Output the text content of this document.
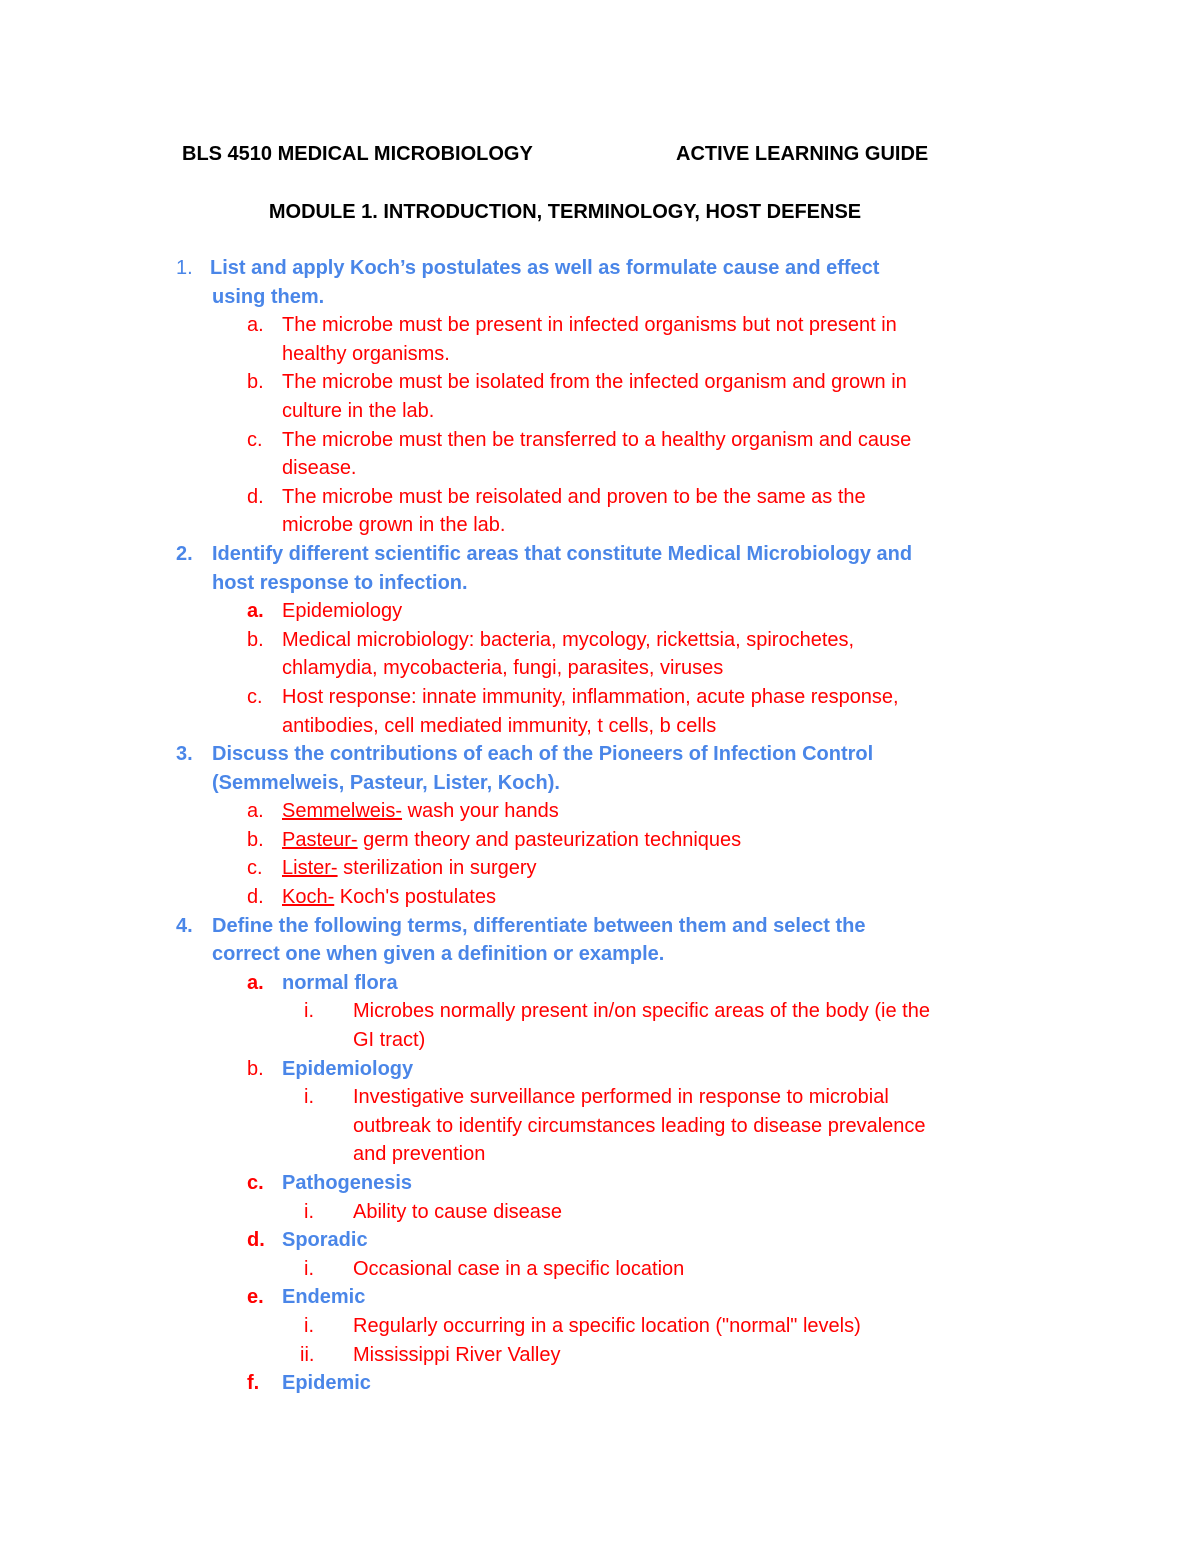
BLS 4510 MEDICAL MICROBIOLOGY	ACTIVE LEARNING GUIDE
MODULE 1. INTRODUCTION, TERMINOLOGY, HOST DEFENSE
1. List and apply Koch’s postulates as well as formulate cause and effect
using them.
a. The microbe must be present in infected organisms but not present in
healthy organisms.
b. The microbe must be isolated from the infected organism and grown in
culture in the lab.
c. The microbe must then be transferred to a healthy organism and cause
disease.
d. The microbe must be reisolated and proven to be the same as the
microbe grown in the lab.
2. Identify different scientific areas that constitute Medical Microbiology and
host response to infection.
a. Epidemiology
b. Medical microbiology: bacteria, mycology, rickettsia, spirochetes,
chlamydia, mycobacteria, fungi, parasites, viruses
c. Host response: innate immunity, inflammation, acute phase response,
antibodies, cell mediated immunity, t cells, b cells
3. Discuss the contributions of each of the Pioneers of Infection Control
(Semmelweis, Pasteur, Lister, Koch).
a. Semmelweis- wash your hands
b. Pasteur- germ theory and pasteurization techniques
c. Lister- sterilization in surgery
d. Koch- Koch's postulates
4. Define the following terms, differentiate between them and select the
correct one when given a definition or example.
a. normal flora
i. Microbes normally present in/on specific areas of the body (ie the
GI tract)
b. Epidemiology
i. Investigative surveillance performed in response to microbial
outbreak to identify circumstances leading to disease prevalence
and prevention
c. Pathogenesis
i. Ability to cause disease
d. Sporadic
i. Occasional case in a specific location
e. Endemic
i. Regularly occurring in a specific location ("normal" levels)
ii. Mississippi River Valley
f. Epidemic
